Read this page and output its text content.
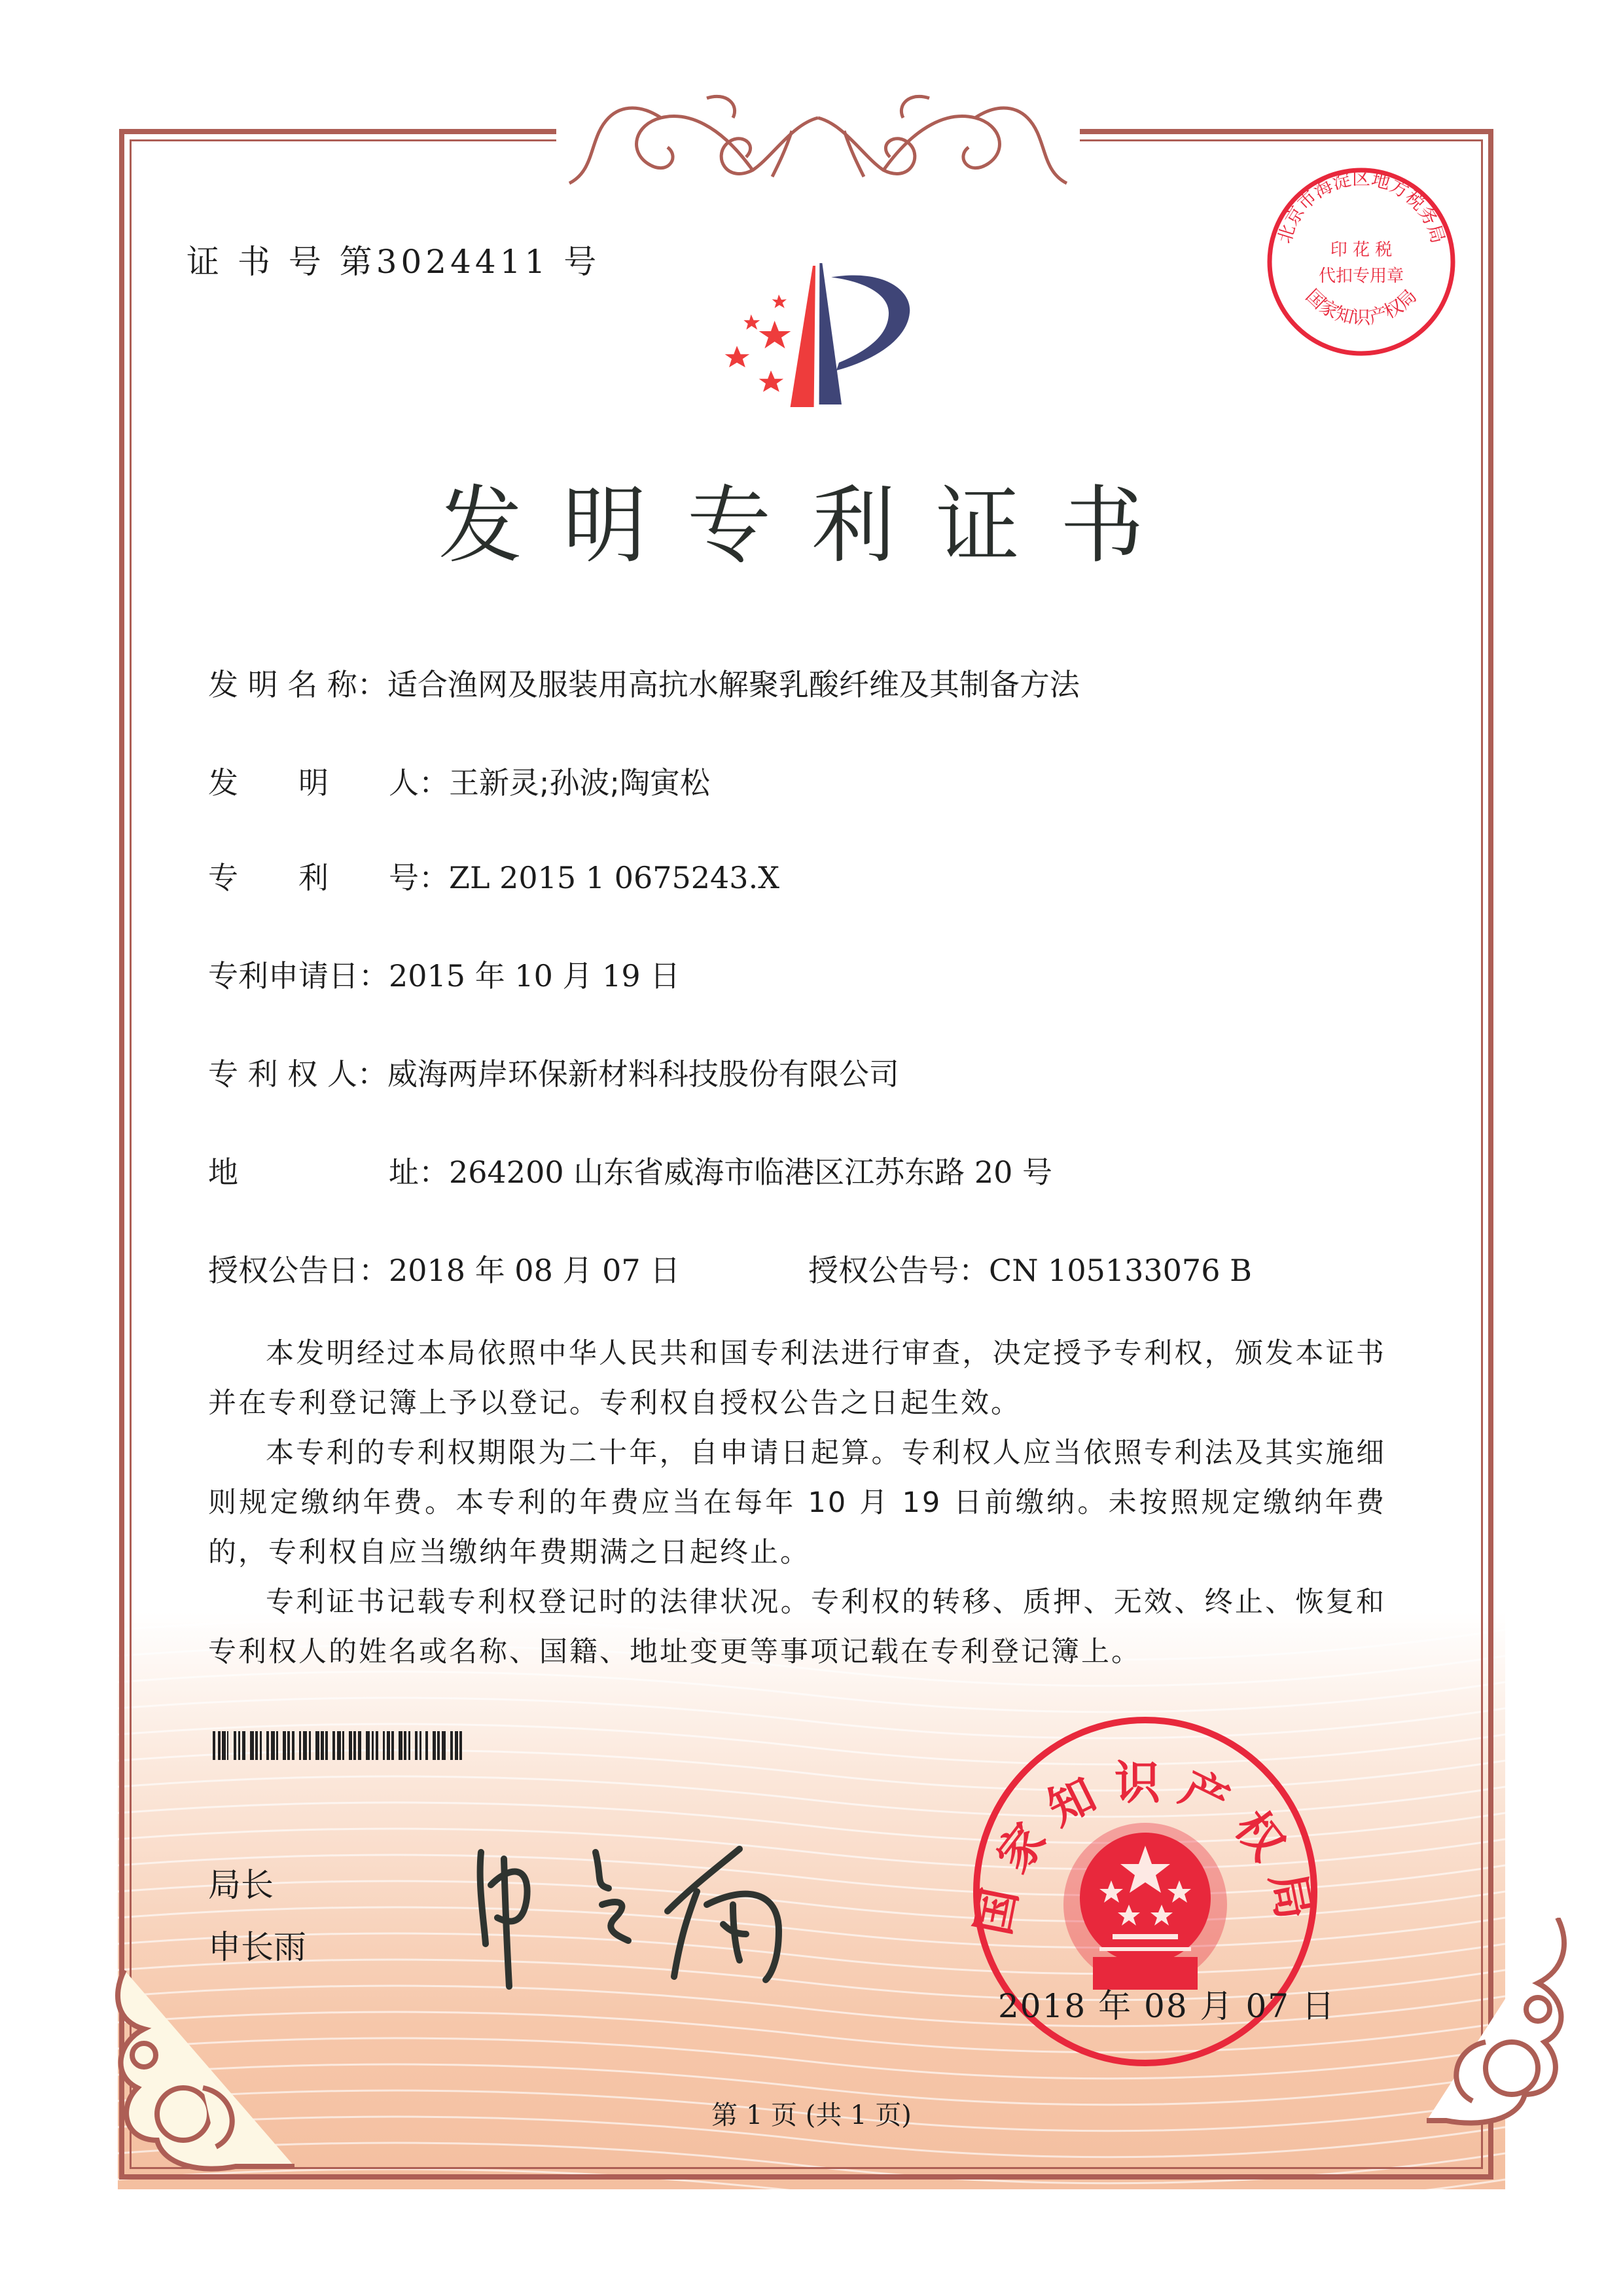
证 书 号 第3024411 号
北京市海淀区地方税务局
国家知识产权局
印 花 税
代扣专用章
发明专利证书
发 明 名 称：适合渔网及服装用高抗水解聚乳酸纤维及其制备方法
发　　明　　人：王新灵;孙波;陶寅松
专　　利　　号：ZL 2015 1 0675243.X
专利申请日：2015 年 10 月 19 日
专 利 权 人：威海两岸环保新材料科技股份有限公司
地　　　　　址：264200 山东省威海市临港区江苏东路 20 号
授权公告日：2018 年 08 月 07 日	授权公告号：CN 105133076 B
本发明经过本局依照中华人民共和国专利法进行审查，决定授予专利权，颁发本证书并在专利登记簿上予以登记。专利权自授权公告之日起生效。
本专利的专利权期限为二十年，自申请日起算。专利权人应当依照专利法及其实施细则规定缴纳年费。本专利的年费应当在每年 10 月 19 日前缴纳。未按照规定缴纳年费的，专利权自应当缴纳年费期满之日起终止。
专利证书记载专利权登记时的法律状况。专利权的转移、质押、无效、终止、恢复和专利权人的姓名或名称、国籍、地址变更等事项记载在专利登记簿上。
局长
申长雨
国家知识产权局
2018 年 08 月 07 日
第 1 页 (共 1 页)
